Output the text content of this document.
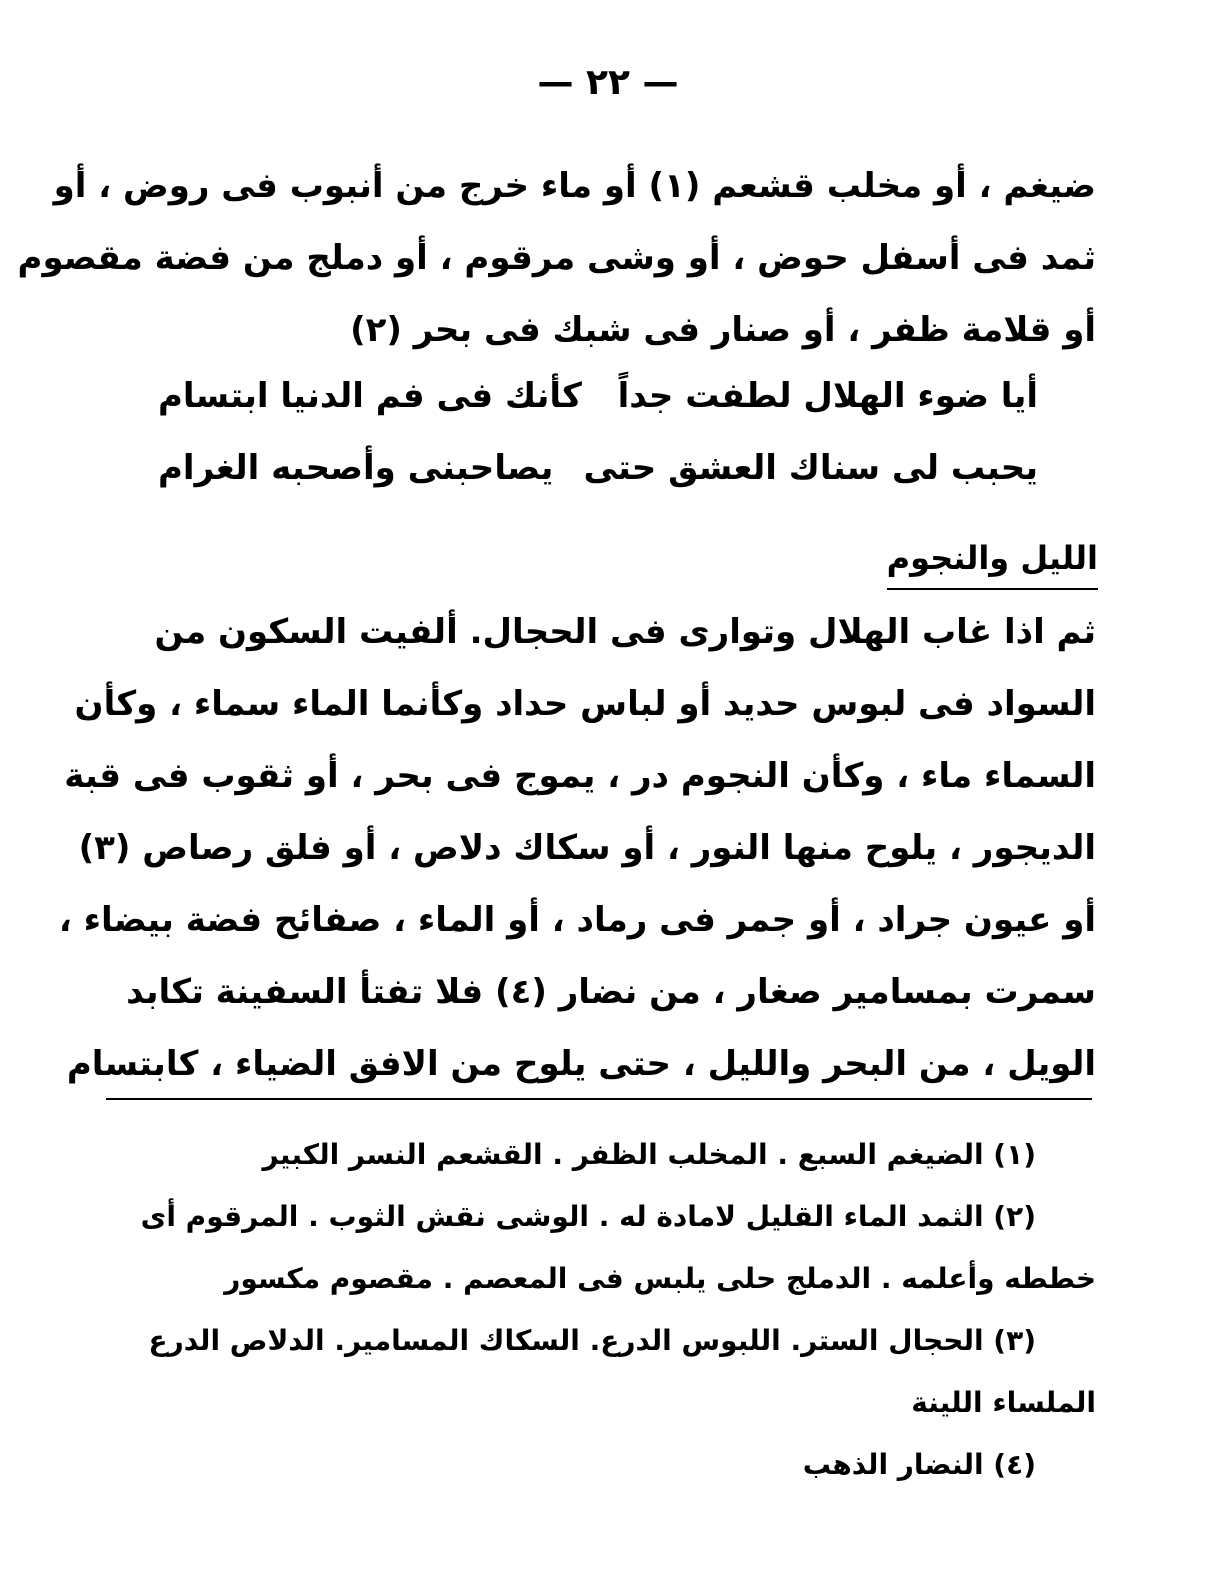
— ٢٢ —
ضيغم ، أو مخلب قشعم (١) أو ماء خرج من أنبوب فى روض ، أو
ثمد فى أسفل حوض ، أو وشى مرقوم ، أو دملج من فضة مقصوم
أو قلامة ظفر ، أو صنار فى شبك فى بحر (٢)
أيا ضوء الهلال لطفت جداً
كأنك فى فم الدنيا ابتسام
يحبب لى سناك العشق حتى
يصاحبنى وأصحبه الغرام
الليل والنجوم
ثم اذا غاب الهلال وتوارى فى الحجال. ألفيت السكون من
السواد فى لبوس حديد أو لباس حداد وكأنما الماء سماء ، وكأن
السماء ماء ، وكأن النجوم در ، يموج فى بحر ، أو ثقوب فى قبة
الديجور ، يلوح منها النور ، أو سكاك دلاص ، أو فلق رصاص (٣)
أو عيون جراد ، أو جمر فى رماد ، أو الماء ، صفائح فضة بيضاء ،
سمرت بمسامير صغار ، من نضار (٤) فلا تفتأ السفينة تكابد
الويل ، من البحر والليل ، حتى يلوح من الافق الضياء ، كابتسام
(١) الضيغم السبع . المخلب الظفر . القشعم النسر الكبير
(٢) الثمد الماء القليل لامادة له . الوشى نقش الثوب . المرقوم أى
خططه وأعلمه . الدملج حلى يلبس فى المعصم . مقصوم مكسور
(٣) الحجال الستر. اللبوس الدرع. السكاك المسامير. الدلاص الدرع
الملساء اللينة
(٤) النضار الذهب
